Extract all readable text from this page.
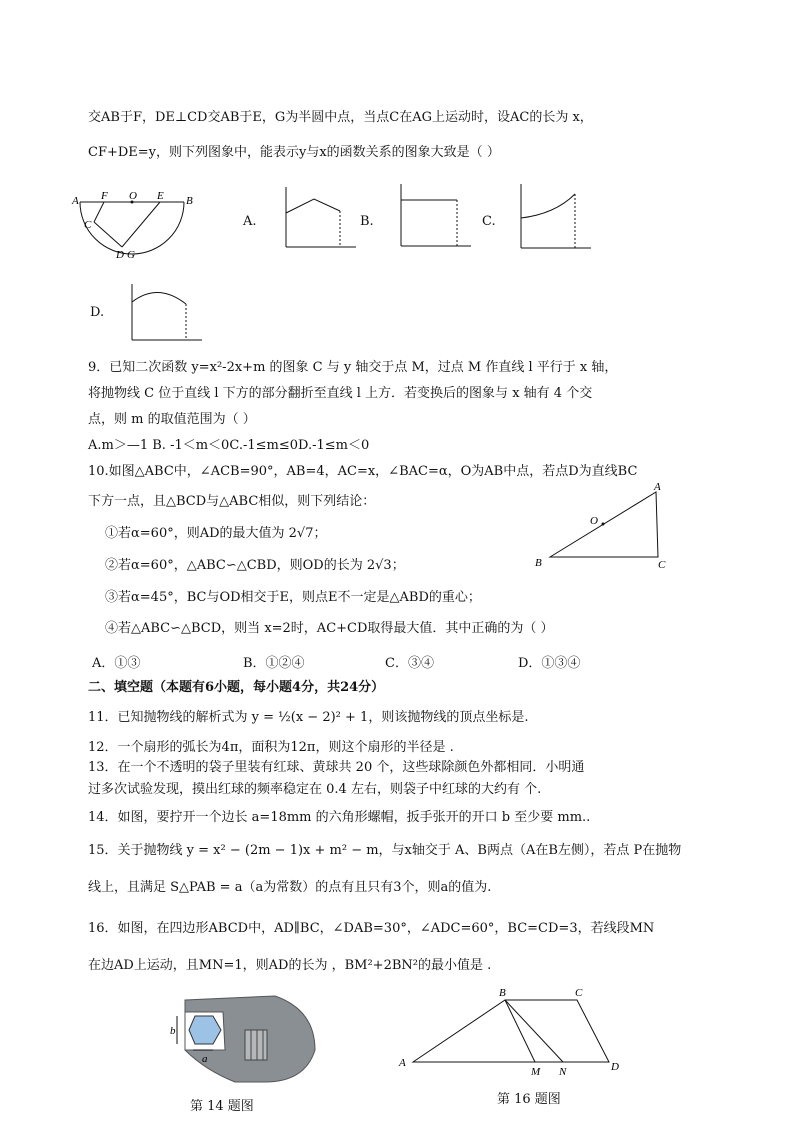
交AB于F，DE⊥CD交AB于E，G为半圆中点，当点C在AG上运动时，设AC的长为 x，
CF+DE=y，则下列图象中，能表示y与x的函数关系的图象大致是（ ）
A F O E B
C
D G
A.	B.	C.
D.
9．已知二次函数 y=x²-2x+m 的图象 C 与 y 轴交于点 M，过点 M 作直线 l 平行于 x 轴，
将抛物线 C 位于直线 l 下方的部分翻折至直线 l 上方．若变换后的图象与 x 轴有 4 个交
点，则 m 的取值范围为（ ）
A.m＞—1 B. -1＜m＜0C.-1≤m≤0D.-1≤m＜0
10.如图△ABC中，∠ACB=90°，AB=4，AC=x，∠BAC=α，O为AB中点，若点D为直线BC
下方一点，且△BCD与△ABC相似，则下列结论：
①若α=60°，则AD的最大值为 2√7；
②若α=60°，△ABC∽△CBD，则OD的长为 2√3；
③若α=45°，BC与OD相交于E，则点E不一定是△ABD的重心；
④若△ABC∽△BCD，则当 x=2时，AC+CD取得最大值．其中正确的为（ ）
A
O
B	C
A．①③	B．①②④	C．③④	D．①③④
二、填空题（本题有6小题，每小题4分，共24分）
11．已知抛物线的解析式为 y = ½(x − 2)² + 1，则该抛物线的顶点坐标是.
12．一个扇形的弧长为4π，面积为12π，则这个扇形的半径是 .
13．在一个不透明的袋子里装有红球、黄球共 20 个，这些球除颜色外都相同．小明通
过多次试验发现，摸出红球的频率稳定在 0.4 左右，则袋子中红球的大约有 个.
14．如图，要拧开一个边长 a=18mm 的六角形螺帽，扳手张开的开口 b 至少要 mm..
15．关于抛物线 y = x² − (2m − 1)x + m² − m，与x轴交于 A、B两点（A在B左侧），若点 P在抛物
线上，且满足 S△PAB = a（a为常数）的点有且只有3个，则a的值为.
16．如图，在四边形ABCD中，AD∥BC，∠DAB=30°，∠ADC=60°，BC=CD=3，若线段MN
在边AD上运动，且MN=1，则AD的长为 ，BM²+2BN²的最小值是 .
b
a
第 14 题图
B	C
A
M N	D
第 16 题图
